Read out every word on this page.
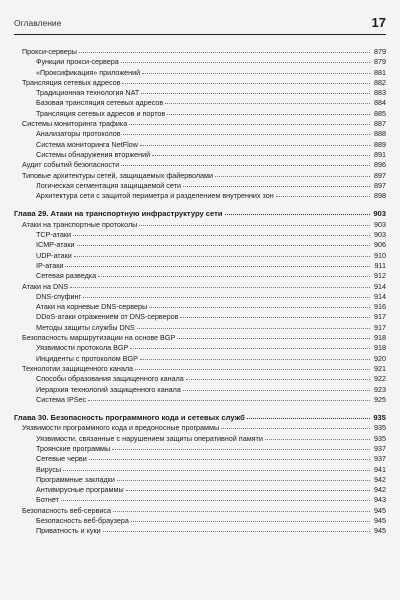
Оглавление	17
Прокси-серверы	879
Функции прокси-сервера	879
«Проксификация» приложений	881
Трансляция сетевых адресов	882
Традиционная технология NAT	883
Базовая трансляция сетевых адресов	884
Трансляция сетевых адресов и портов	885
Системы мониторинга трафика	887
Анализаторы протоколов	888
Система мониторинга NetFlow	889
Системы обнаружения вторжений	891
Аудит событий безопасности	896
Типовые архитектуры сетей, защищаемых файерволами	897
Логическая сегментация защищаемой сети	897
Архитектура сети с защитой периметра и разделением внутренних зон	898
Глава 29. Атаки на транспортную инфраструктуру сети	903
Атаки на транспортные протоколы	903
TCP-атаки	903
ICMP-атаки	906
UDP-атаки	910
IP-атаки	911
Сетевая разведка	912
Атаки на DNS	914
DNS-спуфинг	914
Атаки на корневые DNS-серверы	916
DDoS-атаки отражением от DNS-серверов	917
Методы защиты службы DNS	917
Безопасность маршрутизации на основе BGP	918
Уязвимости протокола BGP	918
Инциденты с протоколом BGP	920
Технологии защищенного канала	921
Способы образования защищенного канала	922
Иерархия технологий защищенного канала	923
Система IPSec	925
Глава 30. Безопасность программного кода и сетевых служб	935
Уязвимости программного кода и вредоносные программы	935
Уязвимости, связанные с нарушением защиты оперативной памяти	935
Троянские программы	937
Сетевые черви	937
Вирусы	941
Программные закладки	942
Антивирусные программы	942
Ботнет	943
Безопасность веб-сервиса	945
Безопасность веб-браузера	945
Приватность и куки	945
